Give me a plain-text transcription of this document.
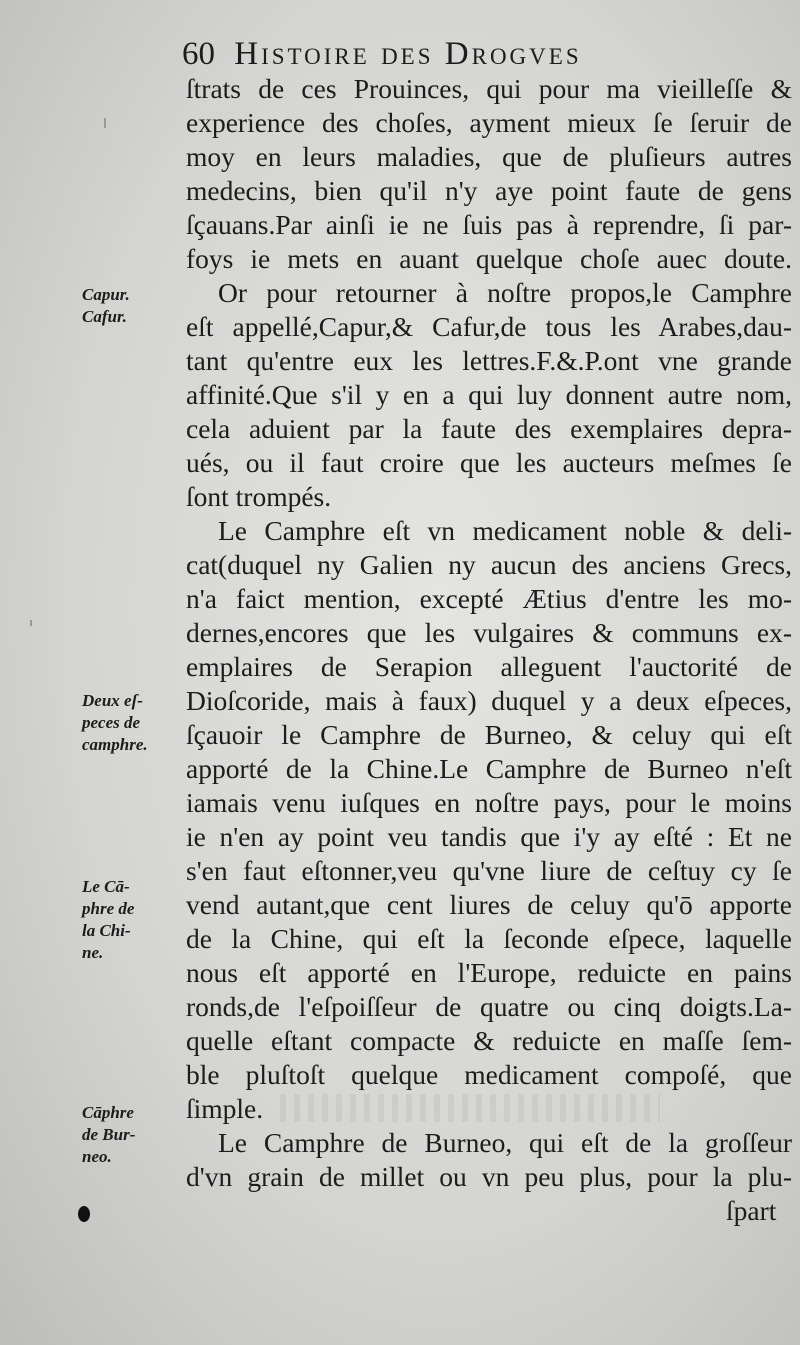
60 Histoire des Drogves
ſtrats de ces Prouinces, qui pour ma vieilleſſe &
experience des choſes, ayment mieux ſe ſeruir de
moy en leurs maladies, que de pluſieurs autres
medecins, bien qu'il n'y aye point faute de gens
ſçauans.Par ainſi ie ne ſuis pas à reprendre, ſi par-
foys ie mets en auant quelque choſe auec doute.
Or pour retourner à noſtre propos,le Camphre
eſt appellé,Capur,& Cafur,de tous les Arabes,dau-
tant qu'entre eux les lettres.F.&.P.ont vne grande
affinité.Que s'il y en a qui luy donnent autre nom,
cela aduient par la faute des exemplaires depra-
ués, ou il faut croire que les aucteurs meſmes ſe
ſont trompés.
Le Camphre eſt vn medicament noble & deli-
cat(duquel ny Galien ny aucun des anciens Grecs,
n'a faict mention, excepté Ætius d'entre les mo-
dernes,encores que les vulgaires & communs ex-
emplaires de Serapion alleguent l'auctorité de
Dioſcoride, mais à faux) duquel y a deux eſpeces,
ſçauoir le Camphre de Burneo, & celuy qui eſt
apporté de la Chine.Le Camphre de Burneo n'eſt
iamais venu iuſques en noſtre pays, pour le moins
ie n'en ay point veu tandis que i'y ay eſté : Et ne
s'en faut eſtonner,veu qu'vne liure de ceſtuy cy ſe
vend autant,que cent liures de celuy qu'ō apporte
de la Chine, qui eſt la ſeconde eſpece, laquelle
nous eſt apporté en l'Europe, reduicte en pains
ronds,de l'eſpoiſſeur de quatre ou cinq doigts.La-
quelle eſtant compacte & reduicte en maſſe ſem-
ble pluſtoſt quelque medicament compoſé, que
ſimple.
Le Camphre de Burneo, qui eſt de la groſſeur
d'vn grain de millet ou vn peu plus, pour la plu-
ſpart
Capur.
Cafur.
Deux eſ-
peces de
camphre.
Le Cā-
phre de
la Chi-
ne.
Cāphre
de Bur-
neo.
